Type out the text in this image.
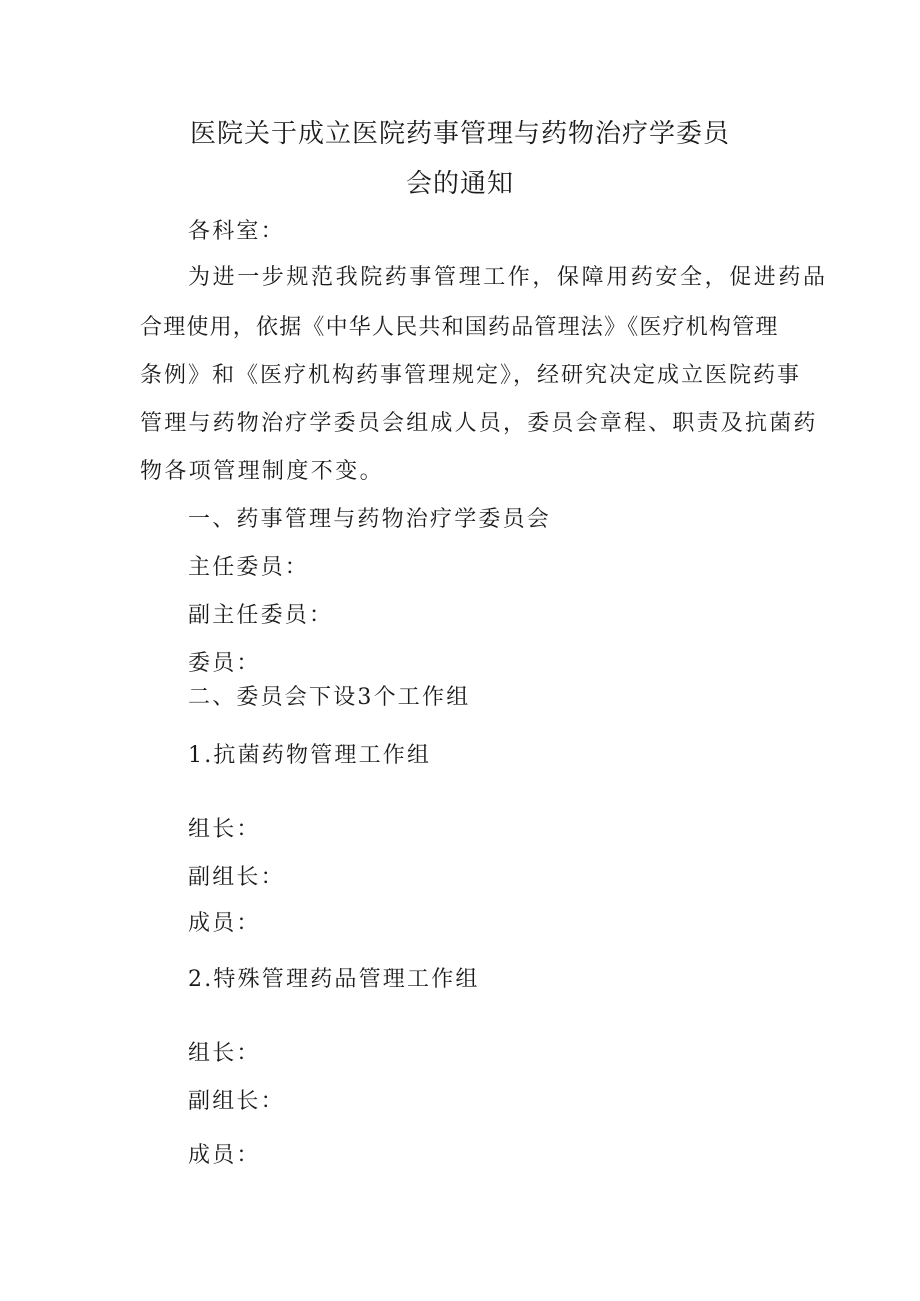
医院关于成立医院药事管理与药物治疗学委员
会的通知
各科室：
为进一步规范我院药事管理工作，保障用药安全，促进药品
合理使用，依据《中华人民共和国药品管理法》《医疗机构管理
条例》和《医疗机构药事管理规定》，经研究决定成立医院药事
管理与药物治疗学委员会组成人员，委员会章程、职责及抗菌药
物各项管理制度不变。
一、药事管理与药物治疗学委员会
主任委员：
副主任委员：
委员：
二、委员会下设3个工作组
1.抗菌药物管理工作组
组长：
副组长：
成员：
2.特殊管理药品管理工作组
组长：
副组长：
成员：
